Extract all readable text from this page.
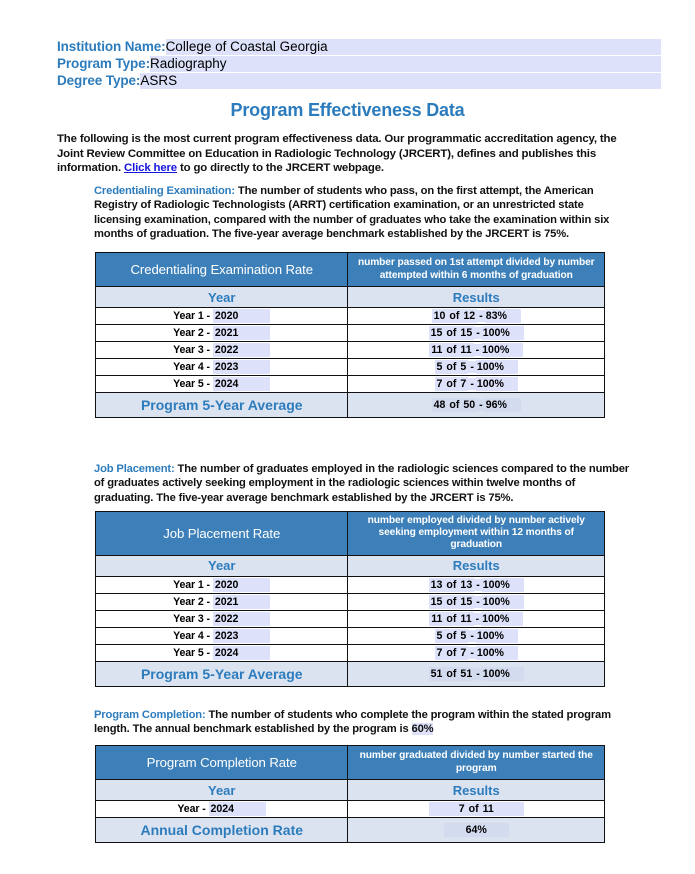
Institution Name: College of Coastal Georgia
Program Type: Radiography
Degree Type: ASRS
Program Effectiveness Data
The following is the most current program effectiveness data. Our programmatic accreditation agency, the Joint Review Committee on Education in Radiologic Technology (JRCERT), defines and publishes this information. Click here to go directly to the JRCERT webpage.
Credentialing Examination: The number of students who pass, on the first attempt, the American Registry of Radiologic Technologists (ARRT) certification examination, or an unrestricted state licensing examination, compared with the number of graduates who take the examination within six months of graduation. The five-year average benchmark established by the JRCERT is 75%.
Credentialing Examination Rate	number passed on 1st attempt divided by number attempted within 6 months of graduation
Year	Results
Year 1 - 2020	10 of 12 - 83%

Year 2 - 2021	15 of 15 - 100%

Year 3 - 2022	11 of 11 - 100%

Year 4 - 2023	5 of 5 - 100%

Year 5 - 2024	7 of 7 - 100%

Program 5-Year Average	48 of 50 - 96%
Job Placement: The number of graduates employed in the radiologic sciences compared to the number of graduates actively seeking employment in the radiologic sciences within twelve months of graduating. The five-year average benchmark established by the JRCERT is 75%.
Job Placement Rate	number employed divided by number actively seeking employment within 12 months of graduation
Year	Results
Year 1 - 2020	13 of 13 - 100%

Year 2 - 2021	15 of 15 - 100%

Year 3 - 2022	11 of 11 - 100%

Year 4 - 2023	5 of 5 - 100%

Year 5 - 2024	7 of 7 - 100%

Program 5-Year Average	51 of 51 - 100%
Program Completion: The number of students who complete the program within the stated program length. The annual benchmark established by the program is 60%
Program Completion Rate	number graduated divided by number started the program
Year	Results
Year - 2024	7 of 11

Annual Completion Rate	64%
